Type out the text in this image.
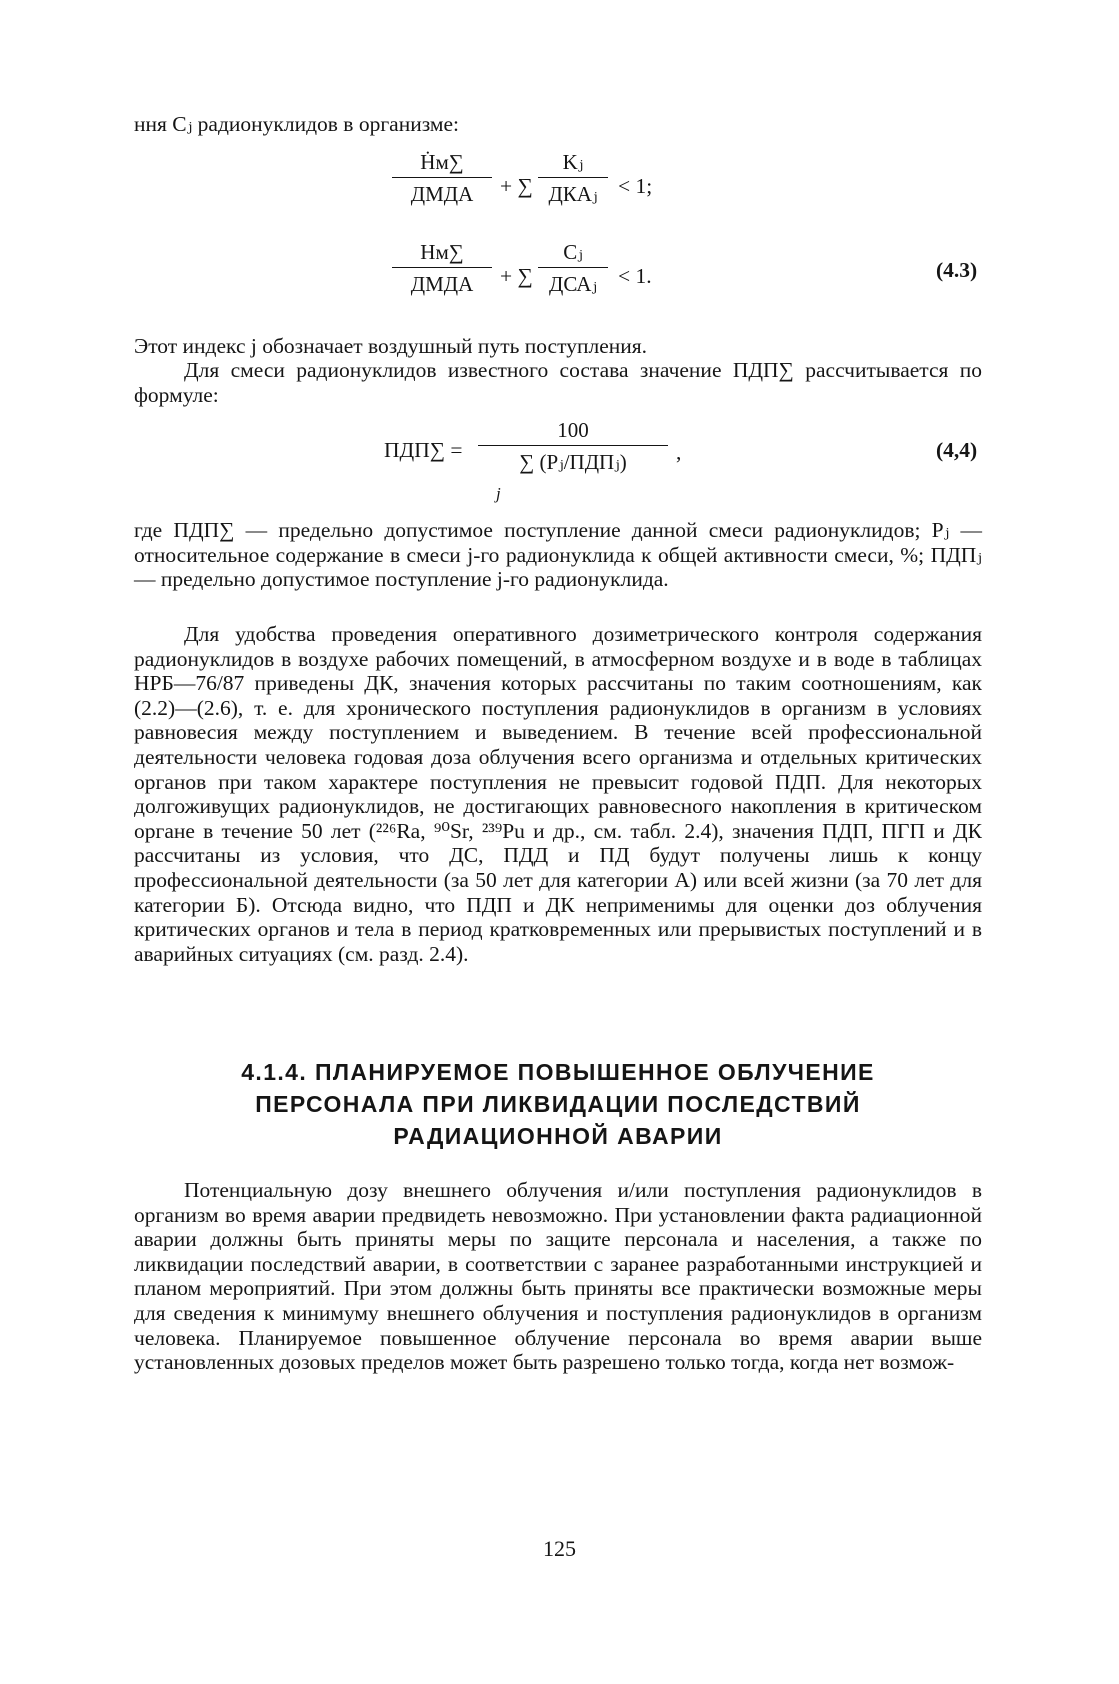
ння Cⱼ радионуклидов в организме:

Ḣм∑
ДМДА	+ ∑
Kⱼ
ДКАⱼ < 1;
Hм∑
ДМДА	+ ∑
Cⱼ
ДСАⱼ < 1.	(4.3)

Этот индекс j обозначает воздушный путь поступления.

Для смеси радионуклидов известного состава значение ПДП∑ рассчитывается по формуле:

ПДП∑ =
100
∑ (Pⱼ/ПДПⱼ)
j
,	(4,4)

где ПДП∑ — предельно допустимое поступление данной смеси радионуклидов; Pⱼ — относительное содержание в смеси j-го радионуклида к общей активности смеси, %; ПДПⱼ — предельно допустимое поступление j-го радионуклида.

Для удобства проведения оперативного дозиметрического контроля содержания радионуклидов в воздухе рабочих помещений, в атмосферном воздухе и в воде в таблицах НРБ—76/87 приведены ДК, значения которых рассчитаны по таким соотношениям, как (2.2)—(2.6), т. е. для хронического поступления радионуклидов в организм в условиях равновесия между поступлением и выведением. В течение всей профессиональной деятельности человека годовая доза облучения всего организма и отдельных критических органов при таком характере поступления не превысит годовой ПДП. Для некоторых долгоживущих радионуклидов, не достигающих равновесного накопления в критическом органе в течение 50 лет (²²⁶Ra, ⁹⁰Sr, ²³⁹Pu и др., см. табл. 2.4), значения ПДП, ПГП и ДК рассчитаны из условия, что ДС, ПДД и ПД будут получены лишь к концу профессиональной деятельности (за 50 лет для категории А) или всей жизни (за 70 лет для категории Б). Отсюда видно, что ПДП и ДК неприменимы для оценки доз облучения критических органов и тела в период кратковременных или прерывистых поступлений и в аварийных ситуациях (см. разд. 2.4).

4.1.4. ПЛАНИРУЕМОЕ ПОВЫШЕННОЕ ОБЛУЧЕНИЕ
ПЕРСОНАЛА ПРИ ЛИКВИДАЦИИ ПОСЛЕДСТВИЙ
РАДИАЦИОННОЙ АВАРИИ

Потенциальную дозу внешнего облучения и/или поступления радионуклидов в организм во время аварии предвидеть невозможно. При установлении факта радиационной аварии должны быть приняты меры по защите персонала и населения, а также по ликвидации последствий аварии, в соответствии с заранее разработанными инструкцией и планом мероприятий. При этом должны быть приняты все практически возможные меры для сведения к минимуму внешнего облучения и поступления радионуклидов в организм человека. Планируемое повышенное облучение персонала во время аварии выше установленных дозовых пределов может быть разрешено только тогда, когда нет возмож-

125
